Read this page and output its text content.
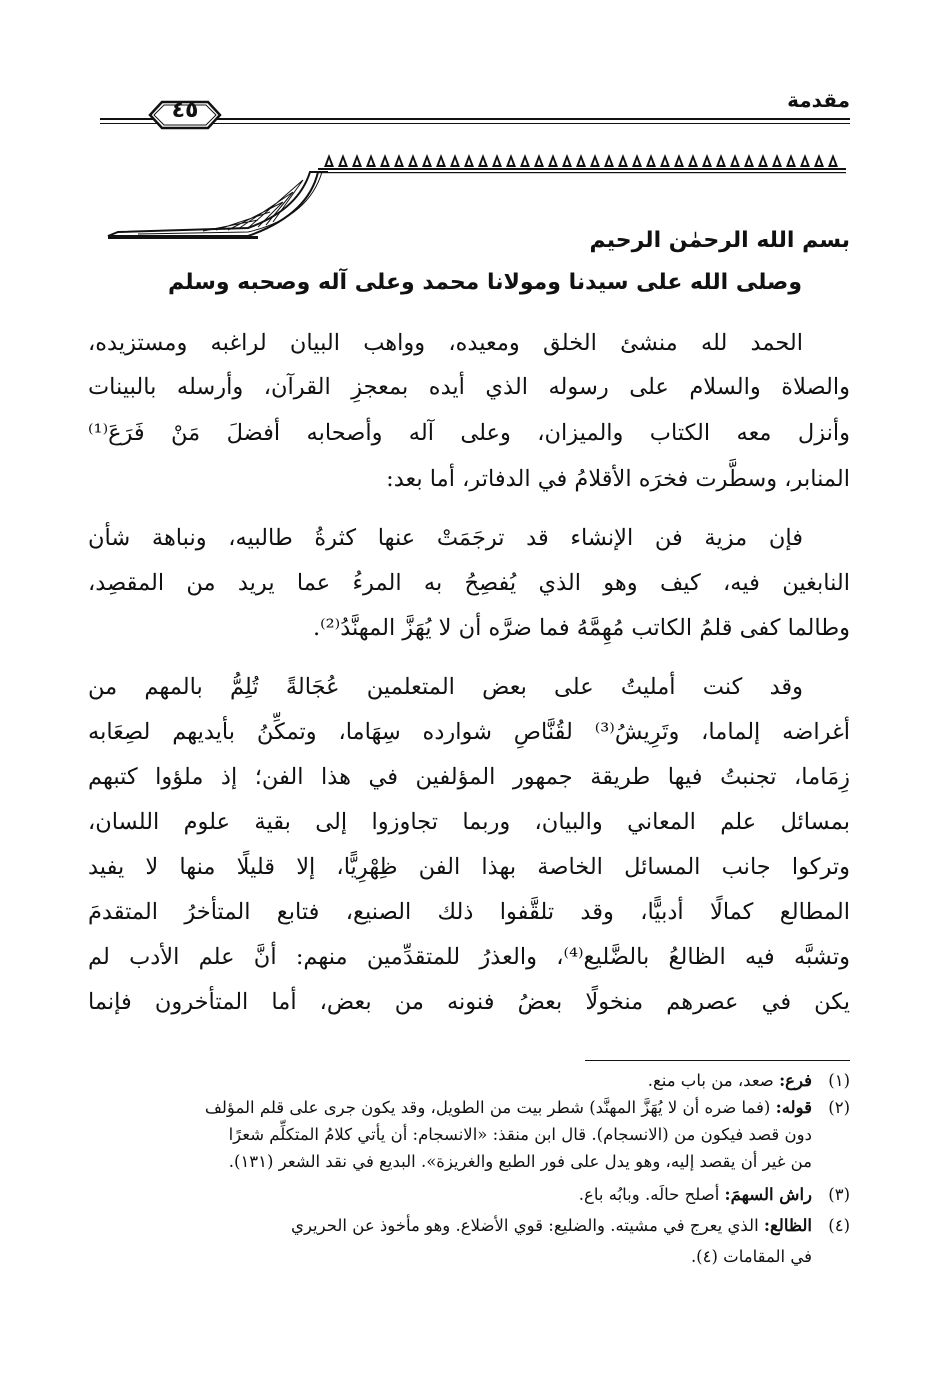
مقدمة
٤٥
بسم الله الرحمٰن الرحيم
وصلى الله على سيدنا ومولانا محمد وعلى آله وصحبه وسلم
الحمد لله منشئ الخلق ومعيده، وواهب البيان لراغبه ومستزيده،
والصلاة والسلام على رسوله الذي أيده بمعجزِ القرآن، وأرسله بالبينات
وأنزل معه الكتاب والميزان، وعلى آله وأصحابه أفضلَ مَنْ فَرَعَ⁽¹⁾
المنابر، وسطَّرت فخرَه الأقلامُ في الدفاتر، أما بعد:
فإن مزية فن الإنشاء قد ترجَمَتْ عنها كثرةُ طالبيه، ونباهة شأن
النابغين فيه، كيف وهو الذي يُفصِحُ به المرءُ عما يريد من المقصِد،
وطالما كفى قلمُ الكاتب مُهِمَّهُ فما ضرَّه أن لا يُهَزَّ المهنَّدُ⁽²⁾.
وقد كنت أمليتُ على بعض المتعلمين عُجَالةً تُلِمُّ بالمهم من
أغراضه إلماما، وتَرِيشُ⁽³⁾ لقُنَّاصِ شوارده سِهَاما، وتمكِّنُ بأيديهم لصِعَابه
زِمَاما، تجنبتُ فيها طريقة جمهور المؤلفين في هذا الفن؛ إذ ملؤوا كتبهم
بمسائل علم المعاني والبيان، وربما تجاوزوا إلى بقية علوم اللسان،
وتركوا جانب المسائل الخاصة بهذا الفن ظِهْرِيًّا، إلا قليلًا منها لا يفيد
المطالع كمالًا أدبيًّا، وقد تلقَّفوا ذلك الصنيع، فتابع المتأخرُ المتقدمَ
وتشبَّه فيه الظالعُ بالضَّليع⁽⁴⁾، والعذرُ للمتقدِّمين منهم: أنَّ علم الأدب لم
يكن في عصرهم منخولًا بعضُ فنونه من بعض، أما المتأخرون فإنما
(١)فرع: صعد، من باب منع.
(٢)قوله: (فما ضره أن لا يُهَزَّ المهنَّد) شطر بيت من الطويل، وقد يكون جرى على قلم المؤلف
دون قصد فيكون من (الانسجام). قال ابن منقذ: «الانسجام: أن يأتي كلامُ المتكلِّم شعرًا
من غير أن يقصد إليه، وهو يدل على فور الطبع والغريزة». البديع في نقد الشعر (١٣١).
(٣)راش السهمَ: أصلح حالَه. وبابُه باع.
(٤)الظالع: الذي يعرج في مشيته. والضليع: قوي الأضلاع. وهو مأخوذ عن الحريري
في المقامات (٤).
